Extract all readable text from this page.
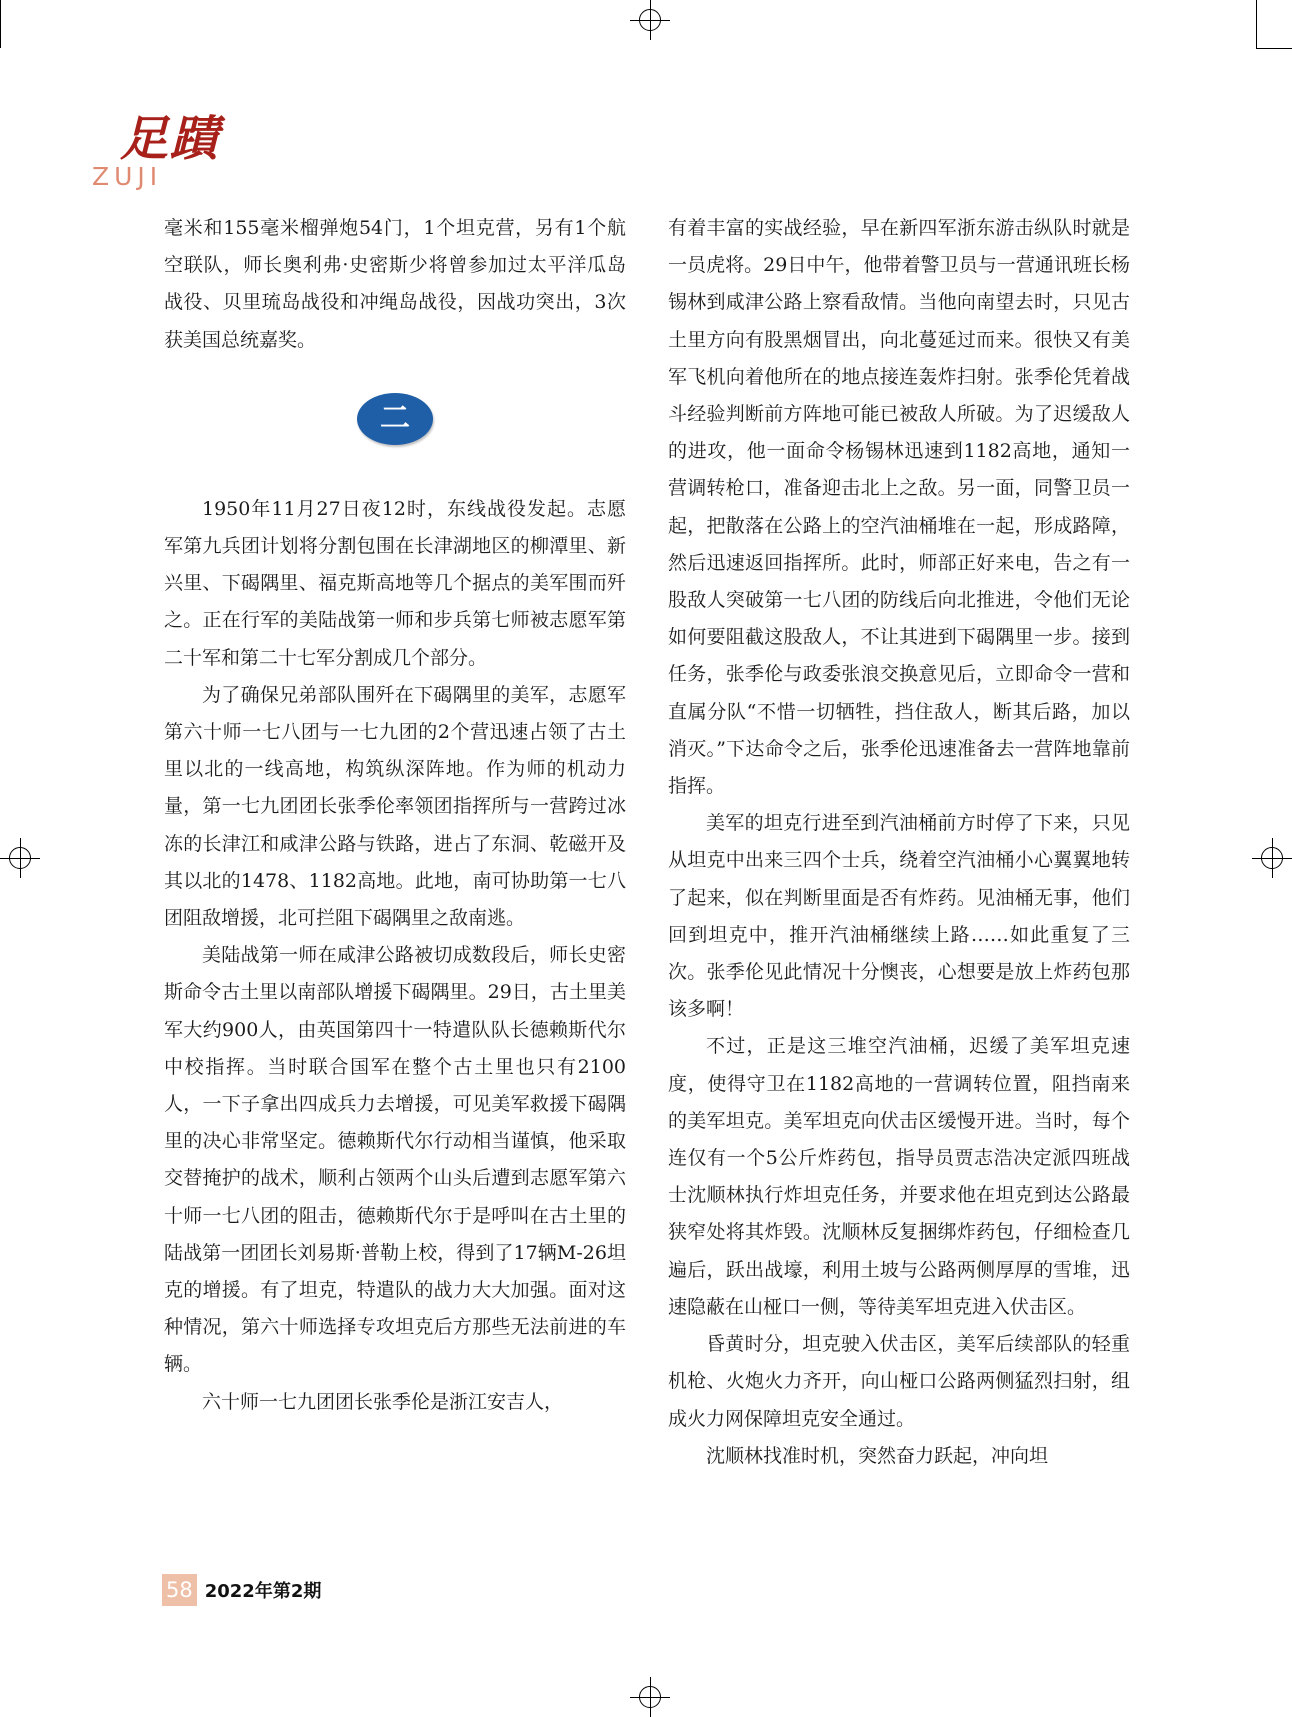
足蹟
ZUJI

毫米和155毫米榴弹炮54门，1个坦克营，另有1个航空联队，师长奥利弗·史密斯少将曾参加过太平洋瓜岛战役、贝里琉岛战役和冲绳岛战役，因战功突出，3次获美国总统嘉奖。

二

1950年11月27日夜12时，东线战役发起。志愿军第九兵团计划将分割包围在长津湖地区的柳潭里、新兴里、下碣隅里、福克斯高地等几个据点的美军围而歼之。正在行军的美陆战第一师和步兵第七师被志愿军第二十军和第二十七军分割成几个部分。

为了确保兄弟部队围歼在下碣隅里的美军，志愿军第六十师一七八团与一七九团的2个营迅速占领了古土里以北的一线高地，构筑纵深阵地。作为师的机动力量，第一七九团团长张季伦率领团指挥所与一营跨过冰冻的长津江和咸津公路与铁路，进占了东洞、乾磁开及其以北的1478、1182高地。此地，南可协助第一七八团阻敌增援，北可拦阻下碣隅里之敌南逃。

美陆战第一师在咸津公路被切成数段后，师长史密斯命令古土里以南部队增援下碣隅里。29日，古土里美军大约900人，由英国第四十一特遣队队长德赖斯代尔中校指挥。当时联合国军在整个古土里也只有2100人，一下子拿出四成兵力去增援，可见美军救援下碣隅里的决心非常坚定。德赖斯代尔行动相当谨慎，他采取交替掩护的战术，顺利占领两个山头后遭到志愿军第六十师一七八团的阻击，德赖斯代尔于是呼叫在古土里的陆战第一团团长刘易斯·普勒上校，得到了17辆M-26坦克的增援。有了坦克，特遣队的战力大大加强。面对这种情况，第六十师选择专攻坦克后方那些无法前进的车辆。

六十师一七九团团长张季伦是浙江安吉人，

有着丰富的实战经验，早在新四军浙东游击纵队时就是一员虎将。29日中午，他带着警卫员与一营通讯班长杨锡林到咸津公路上察看敌情。当他向南望去时，只见古土里方向有股黑烟冒出，向北蔓延过而来。很快又有美军飞机向着他所在的地点接连轰炸扫射。张季伦凭着战斗经验判断前方阵地可能已被敌人所破。为了迟缓敌人的进攻，他一面命令杨锡林迅速到1182高地，通知一营调转枪口，准备迎击北上之敌。另一面，同警卫员一起，把散落在公路上的空汽油桶堆在一起，形成路障，然后迅速返回指挥所。此时，师部正好来电，告之有一股敌人突破第一七八团的防线后向北推进，令他们无论如何要阻截这股敌人，不让其进到下碣隅里一步。接到任务，张季伦与政委张浪交换意见后，立即命令一营和直属分队“不惜一切牺牲，挡住敌人，断其后路，加以消灭。”下达命令之后，张季伦迅速准备去一营阵地靠前指挥。

美军的坦克行进至到汽油桶前方时停了下来，只见从坦克中出来三四个士兵，绕着空汽油桶小心翼翼地转了起来，似在判断里面是否有炸药。见油桶无事，他们回到坦克中，推开汽油桶继续上路……如此重复了三次。张季伦见此情况十分懊丧，心想要是放上炸药包那该多啊！

不过，正是这三堆空汽油桶，迟缓了美军坦克速度，使得守卫在1182高地的一营调转位置，阻挡南来的美军坦克。美军坦克向伏击区缓慢开进。当时，每个连仅有一个5公斤炸药包，指导员贾志浩决定派四班战士沈顺林执行炸坦克任务，并要求他在坦克到达公路最狭窄处将其炸毁。沈顺林反复捆绑炸药包，仔细检查几遍后，跃出战壕，利用土坡与公路两侧厚厚的雪堆，迅速隐蔽在山桠口一侧，等待美军坦克进入伏击区。

昏黄时分，坦克驶入伏击区，美军后续部队的轻重机枪、火炮火力齐开，向山桠口公路两侧猛烈扫射，组成火力网保障坦克安全通过。

沈顺林找准时机，突然奋力跃起，冲向坦

58 2022年第2期
